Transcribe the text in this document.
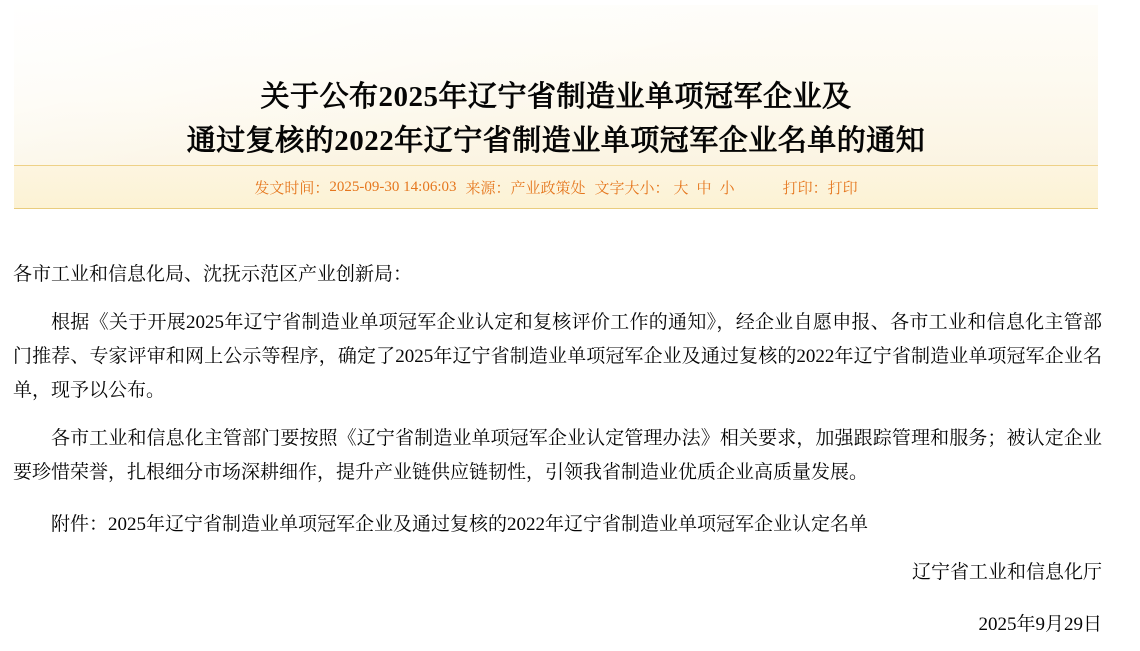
关于公布2025年辽宁省制造业单项冠军企业及
通过复核的2022年辽宁省制造业单项冠军企业名单的通知
发文时间： 2025-09-30 14:06:03 来源： 产业政策处 文字大小： 大 中 小	打印： 打印

各市工业和信息化局、沈抚示范区产业创新局：

根据《关于开展2025年辽宁省制造业单项冠军企业认定和复核评价工作的通知》，经企业自愿申报、各市工业和信息化主管部门推荐、专家评审和网上公示等程序，确定了2025年辽宁省制造业单项冠军企业及通过复核的2022年辽宁省制造业单项冠军企业名单，现予以公布。

各市工业和信息化主管部门要按照《辽宁省制造业单项冠军企业认定管理办法》相关要求，加强跟踪管理和服务；被认定企业要珍惜荣誉，扎根细分市场深耕细作，提升产业链供应链韧性，引领我省制造业优质企业高质量发展。

附件：2025年辽宁省制造业单项冠军企业及通过复核的2022年辽宁省制造业单项冠军企业认定名单

辽宁省工业和信息化厅

2025年9月29日
